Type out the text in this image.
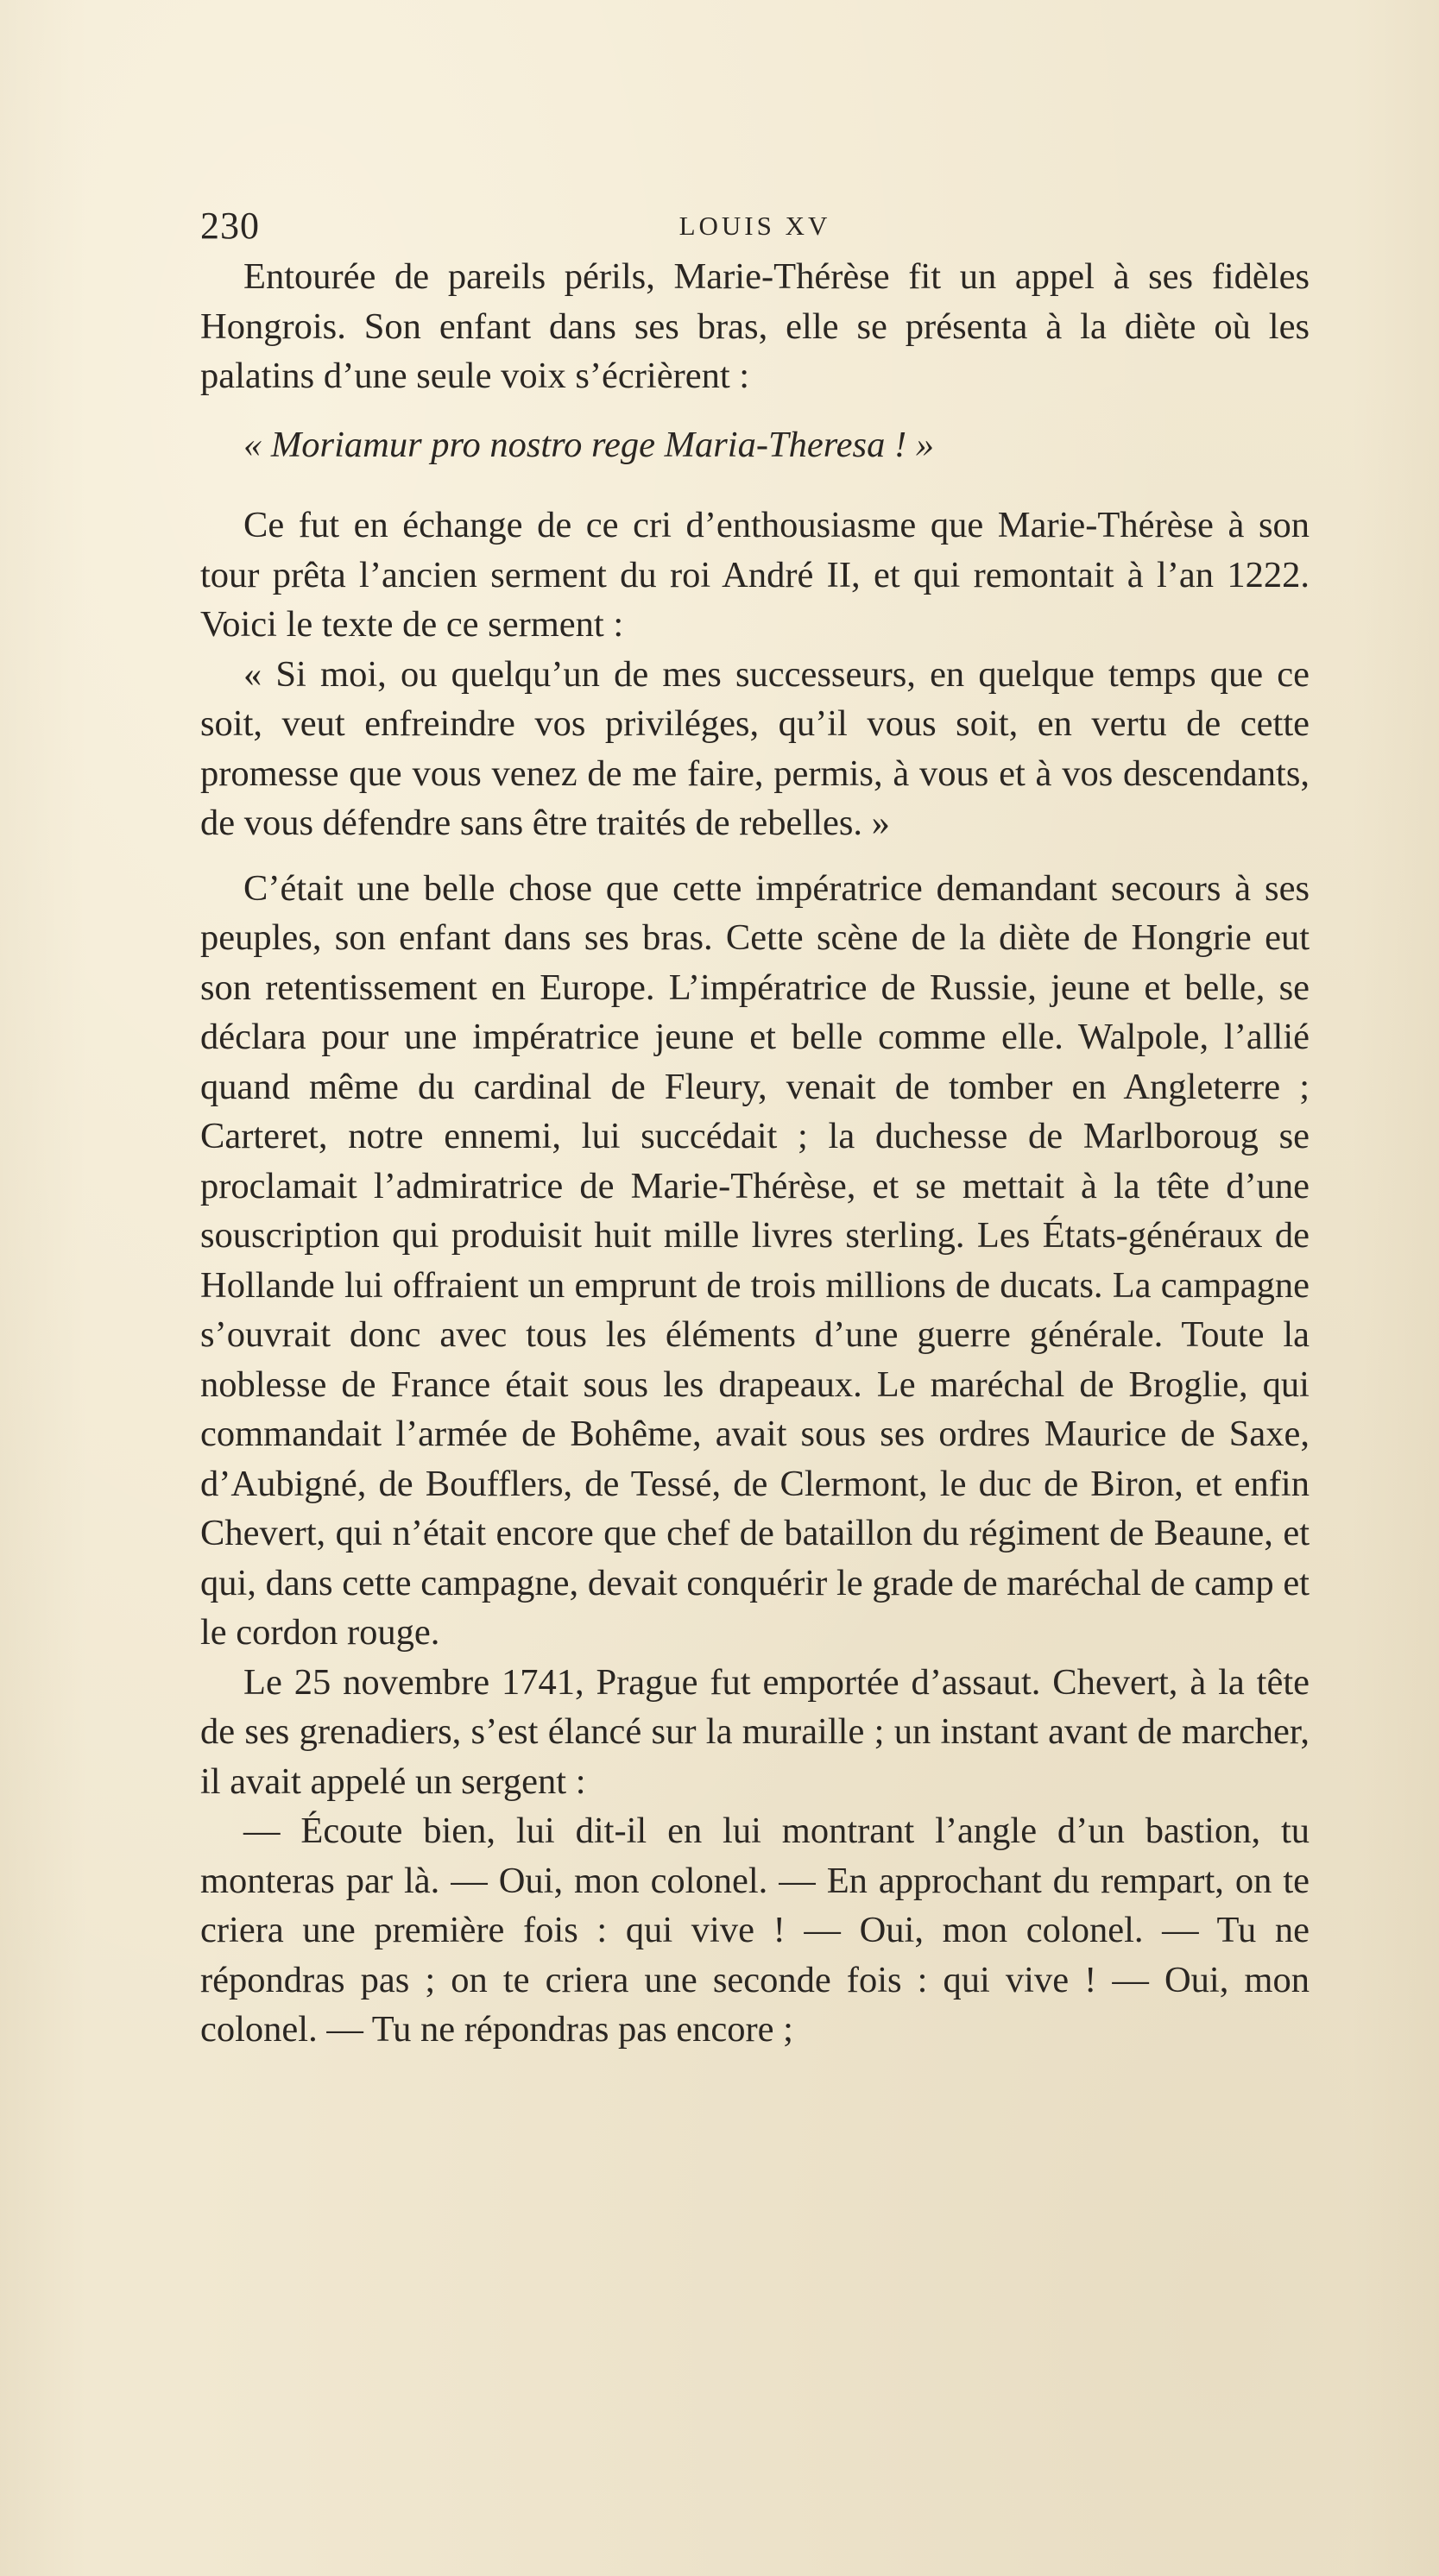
230	LOUIS XV

Entourée de pareils périls, Marie-Thérèse fit un appel à ses fidèles Hongrois. Son enfant dans ses bras, elle se présenta à la diète où les palatins d’une seule voix s’écrièrent :

« Moriamur pro nostro rege Maria-Theresa ! »

Ce fut en échange de ce cri d’enthousiasme que Marie-Thérèse à son tour prêta l’ancien serment du roi André II, et qui remontait à l’an 1222. Voici le texte de ce serment :

« Si moi, ou quelqu’un de mes successeurs, en quelque temps que ce soit, veut enfreindre vos priviléges, qu’il vous soit, en vertu de cette promesse que vous venez de me faire, permis, à vous et à vos descendants, de vous défendre sans être traités de rebelles. »

C’était une belle chose que cette impératrice demandant secours à ses peuples, son enfant dans ses bras. Cette scène de la diète de Hongrie eut son retentissement en Europe. L’impératrice de Russie, jeune et belle, se déclara pour une impératrice jeune et belle comme elle. Walpole, l’allié quand même du cardinal de Fleury, venait de tomber en Angleterre ; Carteret, notre ennemi, lui succédait ; la duchesse de Marlboroug se proclamait l’admiratrice de Marie-Thérèse, et se mettait à la tête d’une souscription qui produisit huit mille livres sterling. Les États-généraux de Hollande lui offraient un emprunt de trois millions de ducats. La campagne s’ouvrait donc avec tous les éléments d’une guerre générale. Toute la noblesse de France était sous les drapeaux. Le maréchal de Broglie, qui commandait l’armée de Bohême, avait sous ses ordres Maurice de Saxe, d’Aubigné, de Boufflers, de Tessé, de Clermont, le duc de Biron, et enfin Chevert, qui n’était encore que chef de bataillon du régiment de Beaune, et qui, dans cette campagne, devait conquérir le grade de maréchal de camp et le cordon rouge.

Le 25 novembre 1741, Prague fut emportée d’assaut. Chevert, à la tête de ses grenadiers, s’est élancé sur la muraille ; un instant avant de marcher, il avait appelé un sergent :

— Écoute bien, lui dit-il en lui montrant l’angle d’un bastion, tu monteras par là. — Oui, mon colonel. — En approchant du rempart, on te criera une première fois : qui vive ! — Oui, mon colonel. — Tu ne répondras pas ; on te criera une seconde fois : qui vive ! — Oui, mon colonel. — Tu ne répondras pas encore ;
